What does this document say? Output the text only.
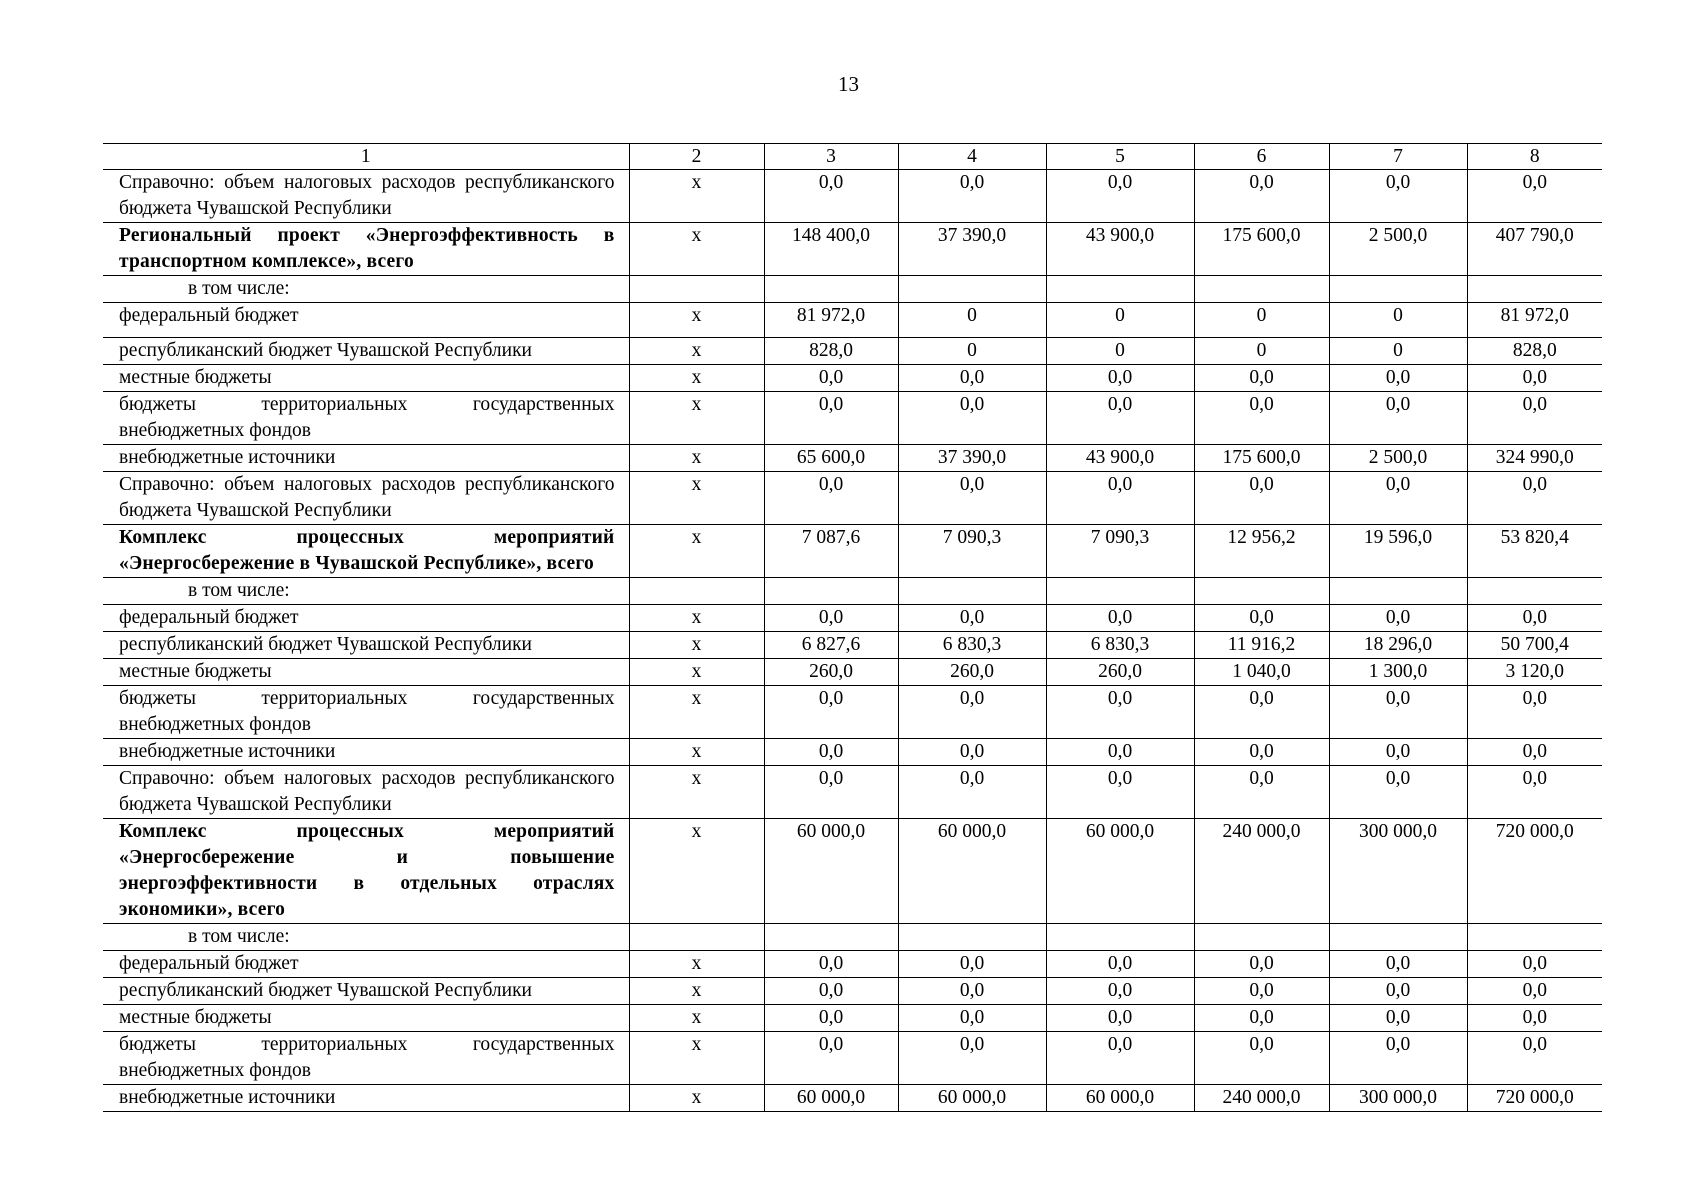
13
1	2	3	4	5	6	7	8
Справочно: объем налоговых расходов республиканского бюджета Чувашской Республики	х	0,0	0,0	0,0	0,0	0,0	0,0
Региональный проект «Энергоэффективность в транспортном комплексе», всего	х	148 400,0	37 390,0	43 900,0	175 600,0	2 500,0	407 790,0
в том числе:							
федеральный бюджет	х	81 972,0	0	0	0	0	81 972,0
республиканский бюджет Чувашской Республики	х	828,0	0	0	0	0	828,0
местные бюджеты	х	0,0	0,0	0,0	0,0	0,0	0,0
бюджеты территориальных государственных внебюджетных фондов	х	0,0	0,0	0,0	0,0	0,0	0,0
внебюджетные источники	х	65 600,0	37 390,0	43 900,0	175 600,0	2 500,0	324 990,0
Справочно: объем налоговых расходов республиканского бюджета Чувашской Республики	х	0,0	0,0	0,0	0,0	0,0	0,0
Комплекс процессных мероприятий «Энергосбережение в Чувашской Республике», всего	х	7 087,6	7 090,3	7 090,3	12 956,2	19 596,0	53 820,4
в том числе:							
федеральный бюджет	х	0,0	0,0	0,0	0,0	0,0	0,0
республиканский бюджет Чувашской Республики	х	6 827,6	6 830,3	6 830,3	11 916,2	18 296,0	50 700,4
местные бюджеты	х	260,0	260,0	260,0	1 040,0	1 300,0	3 120,0
бюджеты территориальных государственных внебюджетных фондов	х	0,0	0,0	0,0	0,0	0,0	0,0
внебюджетные источники	х	0,0	0,0	0,0	0,0	0,0	0,0
Справочно: объем налоговых расходов республиканского бюджета Чувашской Республики	х	0,0	0,0	0,0	0,0	0,0	0,0
Комплекс процессных мероприятий «Энергосбережение и повышение энергоэффективности в отдельных отраслях экономики», всего	х	60 000,0	60 000,0	60 000,0	240 000,0	300 000,0	720 000,0
в том числе:							
федеральный бюджет	х	0,0	0,0	0,0	0,0	0,0	0,0
республиканский бюджет Чувашской Республики	х	0,0	0,0	0,0	0,0	0,0	0,0
местные бюджеты	х	0,0	0,0	0,0	0,0	0,0	0,0
бюджеты территориальных государственных внебюджетных фондов	х	0,0	0,0	0,0	0,0	0,0	0,0
внебюджетные источники	х	60 000,0	60 000,0	60 000,0	240 000,0	300 000,0	720 000,0
